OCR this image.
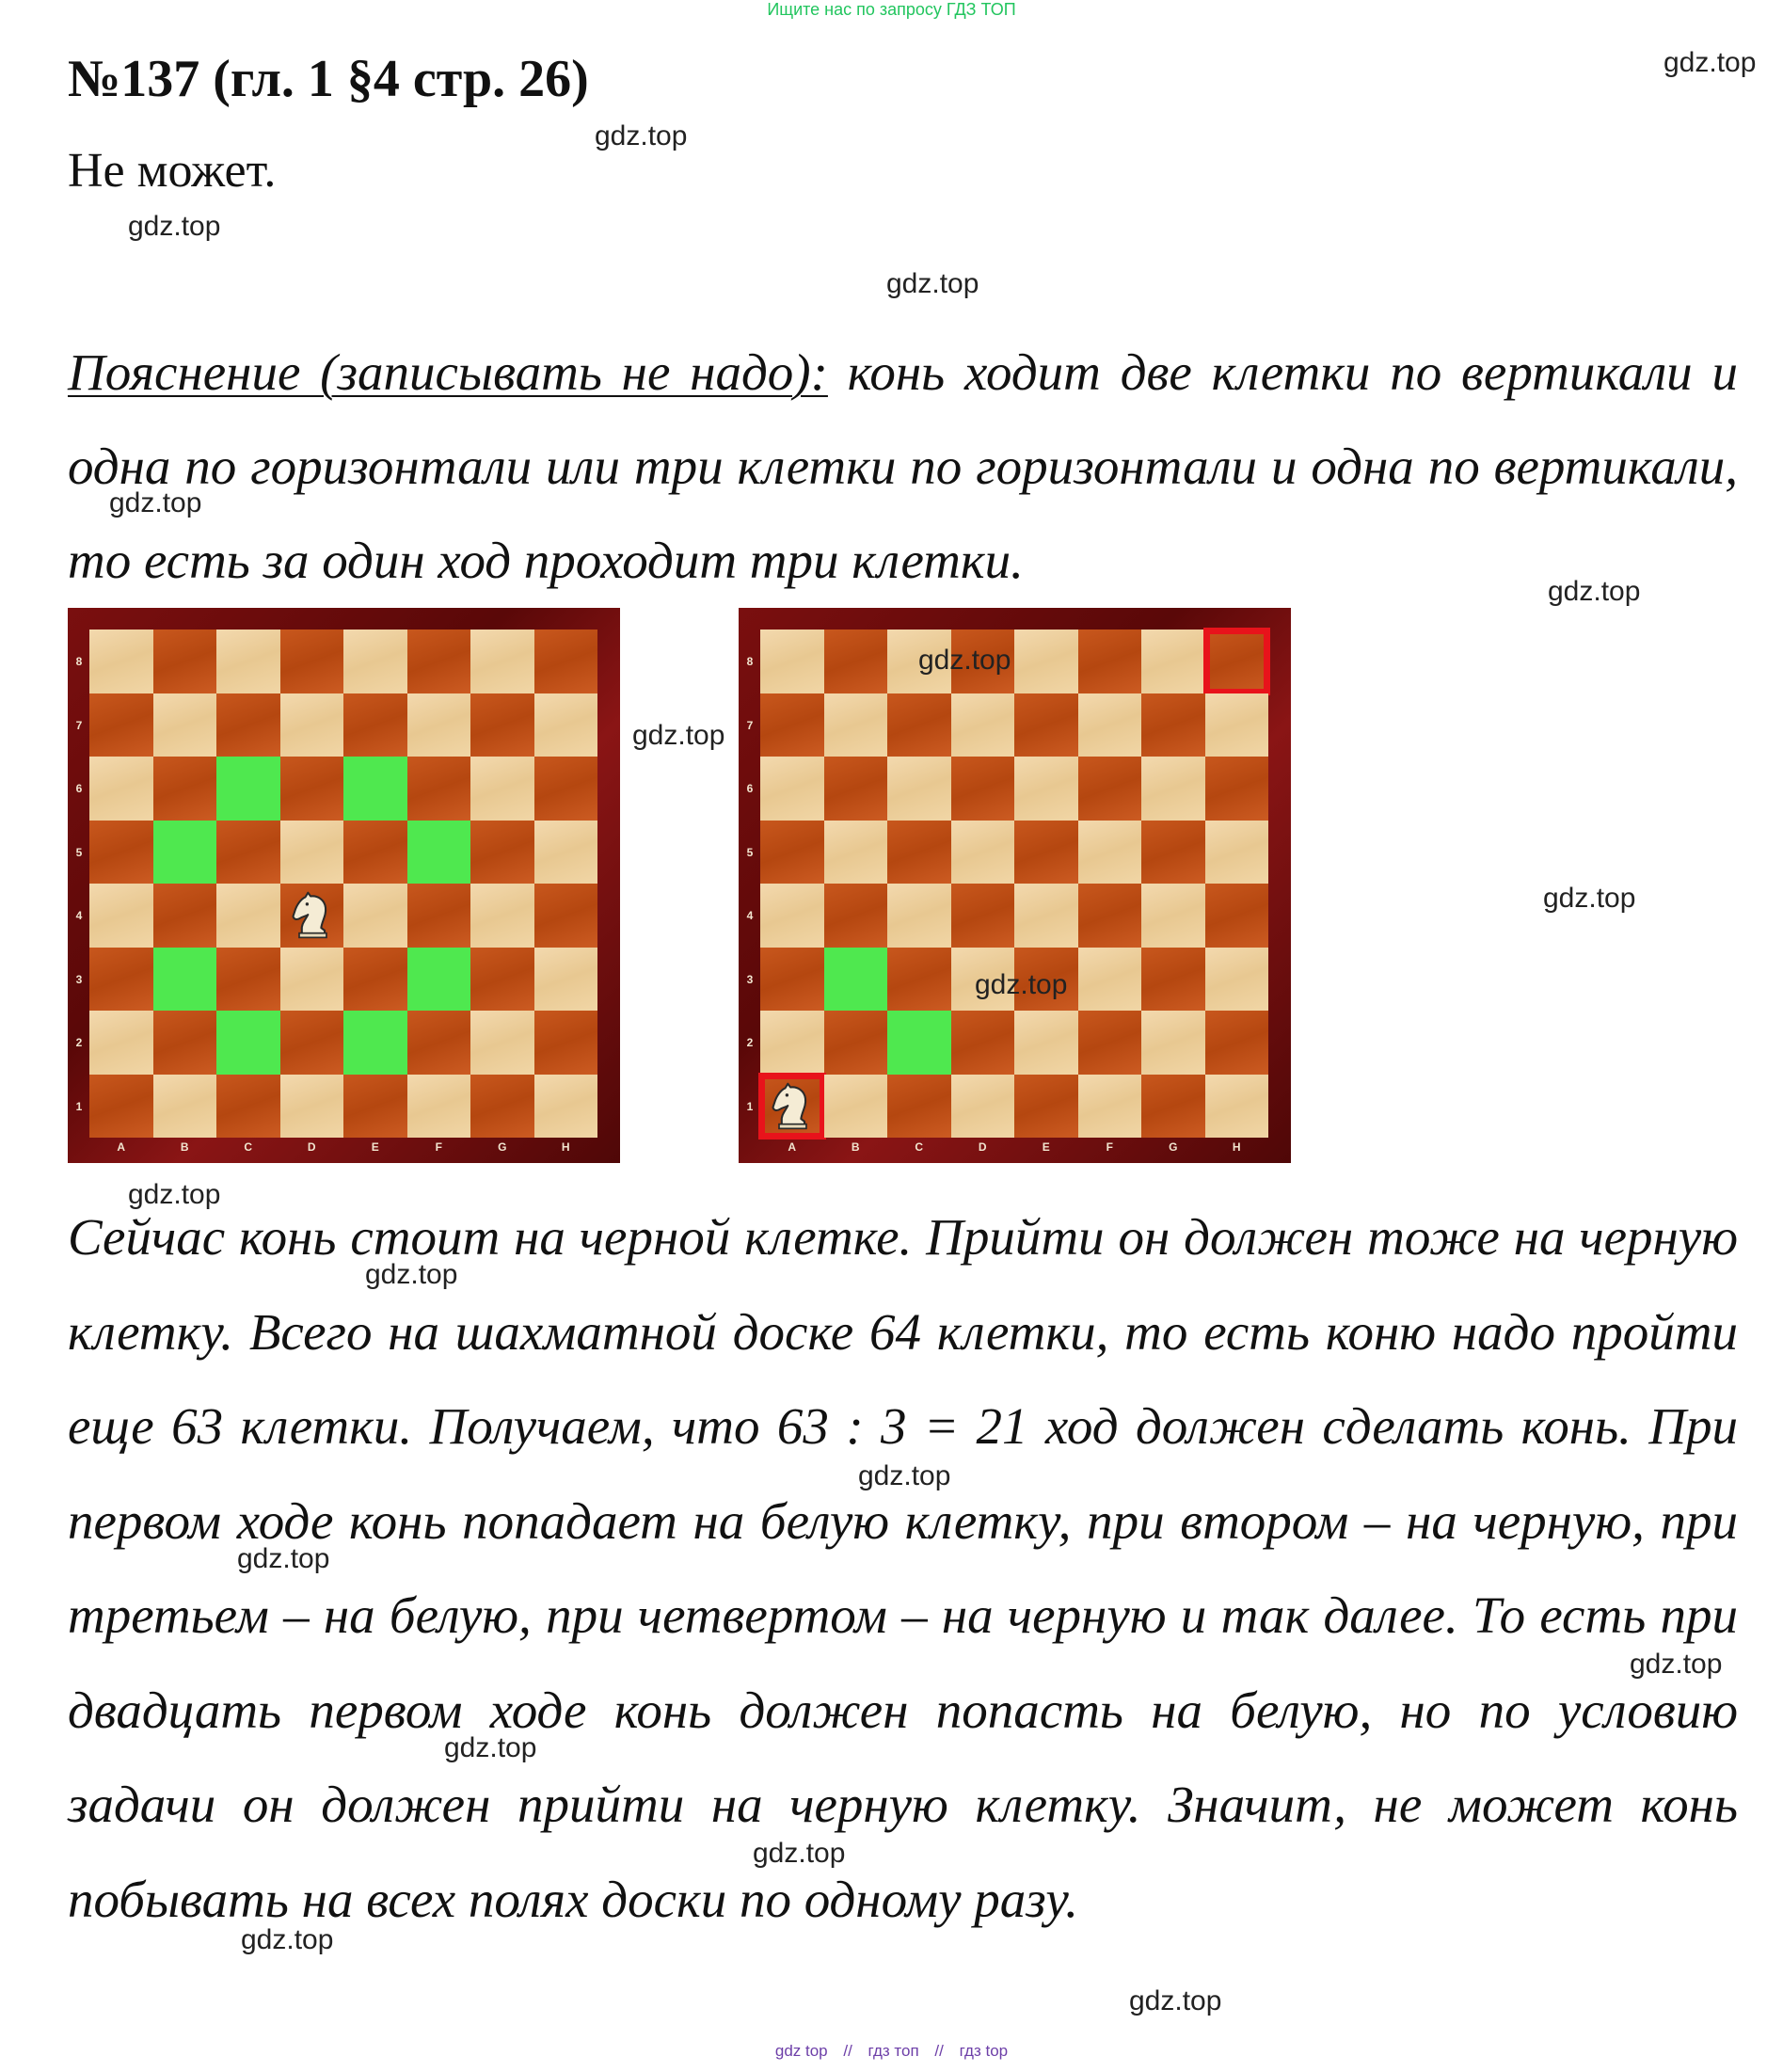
Ищите нас по запросу ГДЗ ТОП
№137 (гл. 1 §4 стр. 26)
Не может.
Пояснение (записывать не надо): конь ходит две клетки по вертикали и одна по горизонтали или три клетки по горизонтали и одна по вертикали, то есть за один ход проходит три клетки.
8
7
6
5
4
3
2
1
A	B	C	D	E	F	G	H
8
7
6
5
4
3
2
1
A	B	C	D	E	F	G	H
Сейчас конь стоит на черной клетке. Прийти он должен тоже на черную клетку. Всего на шахматной доске 64 клетки, то есть коню надо пройти еще 63 клетки. Получаем, что 63 : 3 = 21 ход должен сделать конь. При первом ходе конь попадает на белую клетку, при втором – на черную, при третьем – на белую, при четвертом – на черную и так далее. То есть при двадцать первом ходе конь должен попасть на белую, но по условию задачи он должен прийти на черную клетку. Значит, не может конь побывать на всех полях доски по одному разу.
gdz.top
gdz.top
gdz.top
gdz.top
gdz.top
gdz.top
gdz.top
gdz.top
gdz.top
gdz.top
gdz.top
gdz.top
gdz.top
gdz.top
gdz.top
gdz.top
gdz.top
gdz.top
gdz.top
gdz top // гдз топ // гдз top
